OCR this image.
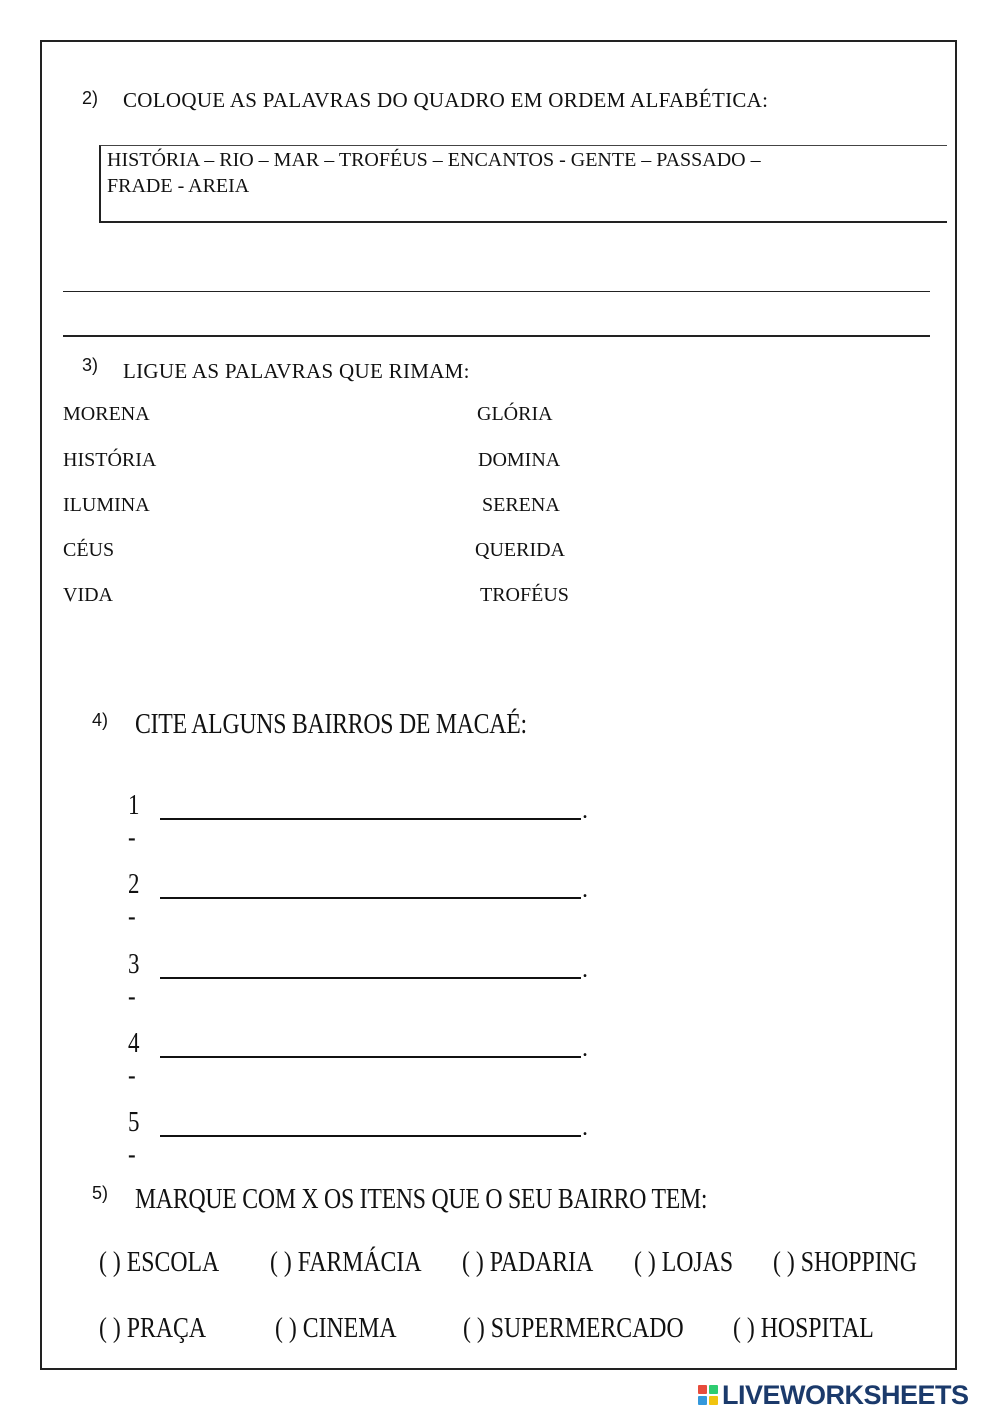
2) COLOQUE AS PALAVRAS DO QUADRO EM ORDEM ALFABÉTICA:
HISTÓRIA – RIO – MAR – TROFÉUS – ENCANTOS - GENTE – PASSADO –
FRADE - AREIA
3) LIGUE AS PALAVRAS QUE RIMAM:
MORENA
HISTÓRIA
ILUMINA
CÉUS
VIDA
GLÓRIA
DOMINA
SERENA
QUERIDA
TROFÉUS
4) CITE ALGUNS BAIRROS DE MACAÉ:
1 -
.
2 -
.
3 -
.
4 -
.
5 -
.
5) MARQUE COM X OS ITENS QUE O SEU BAIRRO TEM:
( ) ESCOLA ( ) FARMÁCIA ( ) PADARIA ( ) LOJAS ( ) SHOPPING
( ) PRAÇA ( ) CINEMA ( ) SUPERMERCADO ( ) HOSPITAL
LIVEWORKSHEETS
